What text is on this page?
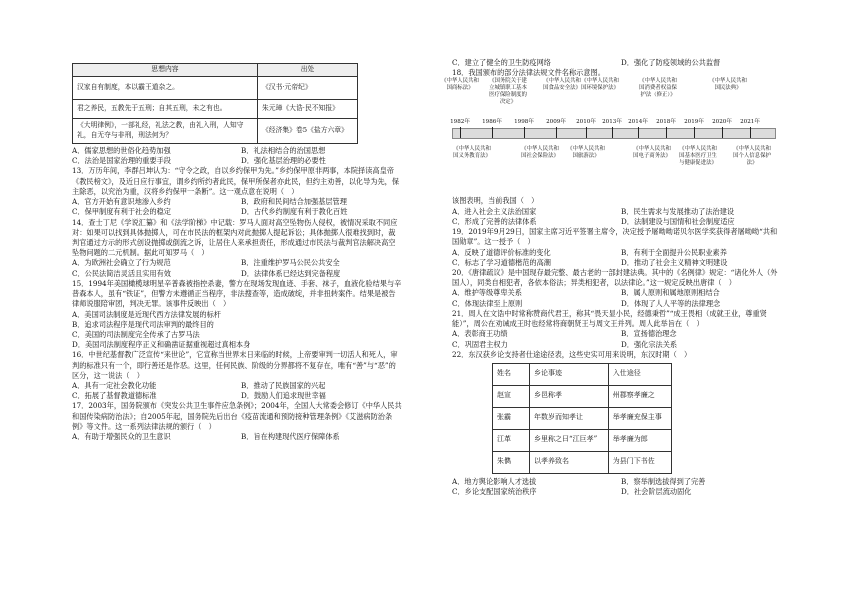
思想内容	出处
汉家自有制度，本以霸王道杂之。	《汉书·元帝纪》
君之养民，五教先于五刑；自其五刑，未之有也。	朱元璋《大诰·民不知报》
《大明律例》，一部礼经，礼法之教，由礼入刑，人知守礼，自无夺与非刑，刑法何为？	《经济集》卷5《盐方六章》
A．儒家思想的世俗化趋势加强	B．礼法相结合的治国思想
C．法治是国家治理的重要手段	D．强化基层治理的必要性

13．万历年间，李群吕坤认为：“守令之政，自以乡约保甲为先。”乡约保甲原非两事，本院择读高皇帝《教民榜文》，及近日应行事宜，谓乡约所约者此民，保甲所保者亦此民，但约主劝善，以化导为先，保主除恶，以究治为重，汉将乡约保甲一条断”。这一观点意在说明（　）

A．官方开始有意识地渗入乡约	B．政府和民间结合加强基层管理
C．保甲制度有利于社会的稳定	D．古代乡约制度有利于教化百姓

14．查士丁尼《学说汇纂》和《法学阶梯》中记载：罗马人面对高空坠物伤人侵权，被情况采取不同应对：如果可以找到具体抛掷人，可在市民法的框架内对此抛掷人提起诉讼；具体抛掷人很难找到时，裁判官通过方示的形式创设抛掷或倒流之诉，让居住人来承担责任，形成通过市民法与裁判官法解决高空坠物问题的二元机制。据此可知罗马（　）

A．为欧洲社会确立了行为规范	B．注重维护罗马公民公共安全
C．公民法简洁灵活且实用有效	D．法律体系已经达到完备程度

15．1994年美国橄榄球明星辛普森被指控杀妻，警方在现场发现血迹、手套、袜子，血液化验结果与辛普森本人，虽有“铁证”，但警方未遵循正当程序，非法搜查等，造成破绽，并非扭转案件。结果是被告律师说服陪审团，判决无罪。该事件反映出（　）

A．美国司法制度是近现代西方法律发展的标杆
B．追求司法程序是现代司法审判的最终目的
C．美国的司法制度完全传承了古罗马法
D．美国司法制度程序正义和确凿证据重视超过真相本身

16．中世纪基督教广泛宣传“来世论”，它宣称当世界末日来临的时候，上帝要审判一切活人和死人，审判的标准只有一个，即行善还是作恶。这里，任何民族、阶级的分界都将不复存在，唯有“善”与“恶”的区分，这一说法（　）

A．具有一定社会教化功能	B．推动了民族国家的兴起
C．拓展了基督教道德标准	D．鼓励人们追求现世幸福

17．2003年，国务院颁布《突发公共卫生事件应急条例》；2004年，全国人大常委会修订《中华人民共和国传染病防治法》；自2005年起，国务院先后出台《疫苗流通和预防接种管理条例》《艾滋病防治条例》等文件。这一系列法律法规的颁行（　）

A．有助于增强民众的卫生意识	B．旨在构建现代医疗保障体系
C．建立了健全的卫生防疫网络	D．强化了防疫领域的公共监督

18．我国颁布的部分法律法规文件名称示意图。

1982年 1986年 1998年 2009年 2010年 2013年 2014年 2018年 2019年 2020年 2021年
《中华人民共和国商标法》
《国务院关于建立城镇职工基本医疗保险制度的决定》
《中华人民共和国食品安全法》
《中华人民共和国环境保护法》
《中华人民共和国消费者权益保护法（修正）》
《中华人民共和国民法典》
《中华人民共和国义务教育法》
《中华人民共和国社会保险法》
《中华人民共和国旅游法》
《中华人民共和国电子商务法》
《中华人民共和国基本医疗卫生与健康促进法》
《中华人民共和国个人信息保护法》

该图表明，当前我国（　）

A．进入社会主义法治国家	B．民生需求与发展推动了法治建设
C．形成了完善的法律体系	D．法制建设与国情和社会制度适应

19．2019年9月29日，国家主席习近平签署主席令，决定授予屠呦呦诺贝尔医学奖获得者屠呦呦“共和国勋章”。这一授予（　）

A．反映了道德评价标准的变化	B．有利于全面提升公民职业素养
C．标志了学习道德楷范的高潮	D．推动了社会主义精神文明建设

20．《唐律疏议》是中国现存最完整、最古老的一部封建法典。其中的《名例律》规定：“诸化外人（外国人），同类自相犯者，各依本俗法；异类相犯者，以法律论。”这一规定反映出唐律（　）

A．维护等级尊卑关系	B．属人原则和属地原则相结合
C．体现法律至上原则	D．体现了人人平等的法律理念

21．周人在文诰中时常称赞商代君王，称其“畏天显小民，经德秉哲”“成王畏相（成就王业，尊重贤能）”，周公在劝诫成王时也经常将商朝贤王与周文王并列。周人此举旨在（　）

A．表彰商王功绩	B．宣扬德治理念
C．巩固君主权力	D．强化宗法关系

22．东汉获乡论支持者仕途途径表，这些史实可用来说明，东汉时期（　）

姓名	乡论事迹	入仕途径
赵宣	乡邑称孝	州郡察孝廉之
张霸	年数岁而知孝让	举孝廉充保主事
江革	乡里称之曰“江巨孝”	举孝廉为郎
朱儁	以孝养致名	为县门下书佐
A．地方舆论影响人才选拔	B．察举制选拔得到了完善
C．乡论支配国家统治秩序	D．社会阶层流动固化
